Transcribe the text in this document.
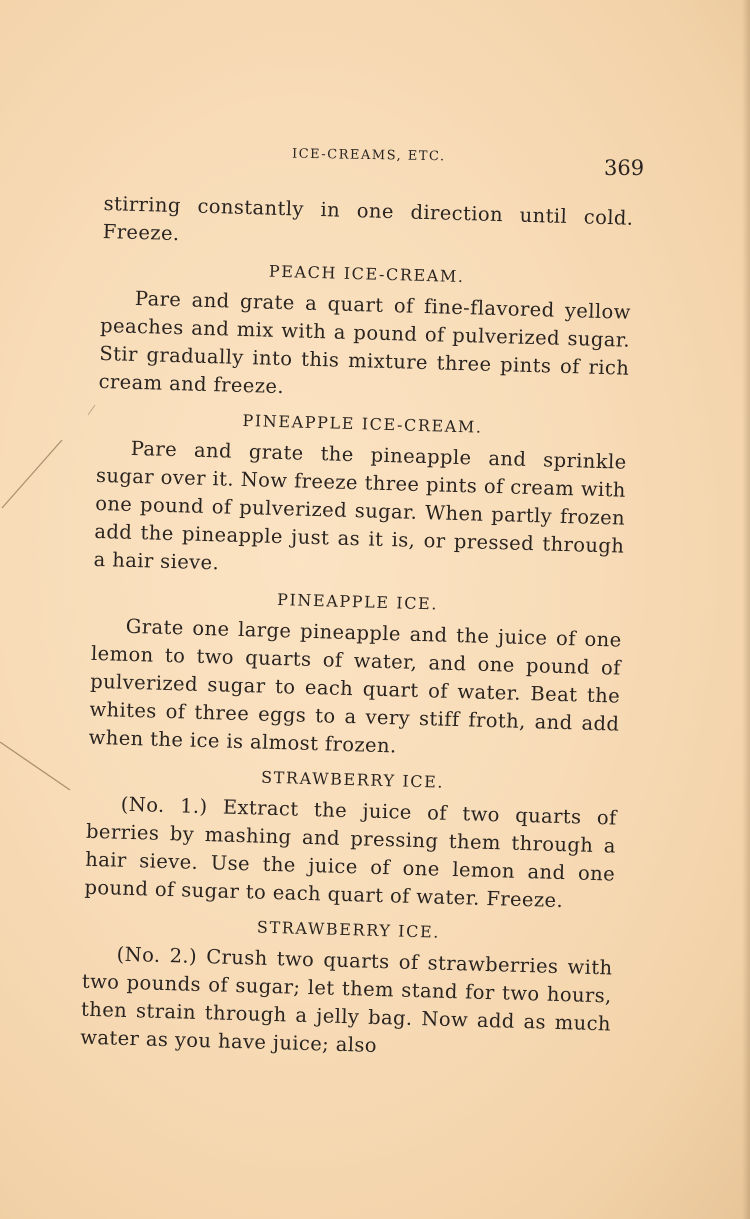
ICE-CREAMS, ETC.
369

stirring constantly in one direction until cold. Freeze.

PEACH ICE-CREAM.

Pare and grate a quart of fine-flavored yellow peaches and mix with a pound of pulverized sugar. Stir gradually into this mixture three pints of rich cream and freeze.

PINEAPPLE ICE-CREAM.

Pare and grate the pineapple and sprinkle sugar over it. Now freeze three pints of cream with one pound of pulverized sugar. When partly frozen add the pineapple just as it is, or pressed through a hair sieve.

PINEAPPLE ICE.

Grate one large pineapple and the juice of one lemon to two quarts of water, and one pound of pulverized sugar to each quart of water. Beat the whites of three eggs to a very stiff froth, and add when the ice is almost frozen.

STRAWBERRY ICE.

(No. 1.) Extract the juice of two quarts of berries by mashing and pressing them through a hair sieve. Use the juice of one lemon and one pound of sugar to each quart of water. Freeze.

STRAWBERRY ICE.

(No. 2.) Crush two quarts of strawberries with two pounds of sugar; let them stand for two hours, then strain through a jelly bag. Now add as much water as you have juice; also
